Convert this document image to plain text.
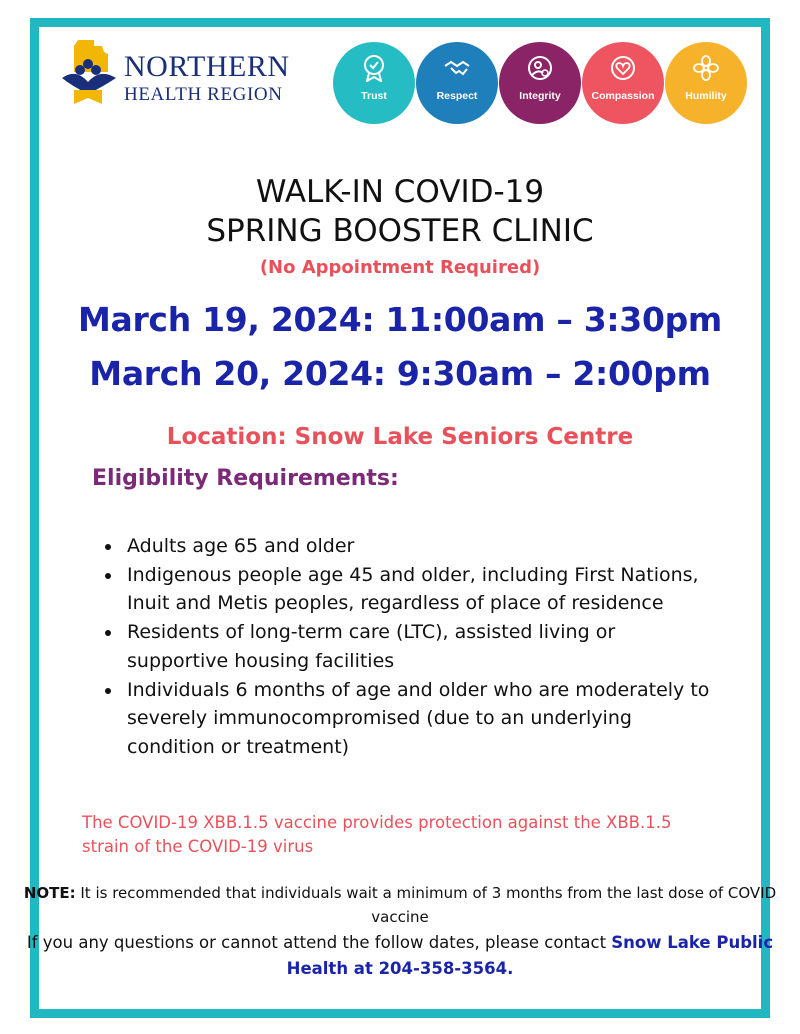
NORTHERN
HEALTH REGION	Trust	Respect	Integrity	Compassion	Humility
WALK-IN COVID-19
SPRING BOOSTER CLINIC
(No Appointment Required)
March 19, 2024: 11:00am – 3:30pm
March 20, 2024: 9:30am – 2:00pm
Location: Snow Lake Seniors Centre
Eligibility Requirements:
Adults age 65 and older
Indigenous people age 45 and older, including First Nations, Inuit and Metis peoples, regardless of place of residence
Residents of long-term care (LTC), assisted living or supportive housing facilities
Individuals 6 months of age and older who are moderately to severely immunocompromised (due to an underlying condition or treatment)
The COVID-19 XBB.1.5 vaccine provides protection against the XBB.1.5 strain of the COVID-19 virus
NOTE: It is recommended that individuals wait a minimum of 3 months from the last dose of COVID vaccine
If you any questions or cannot attend the follow dates, please contact Snow Lake Public Health at 204-358-3564.
